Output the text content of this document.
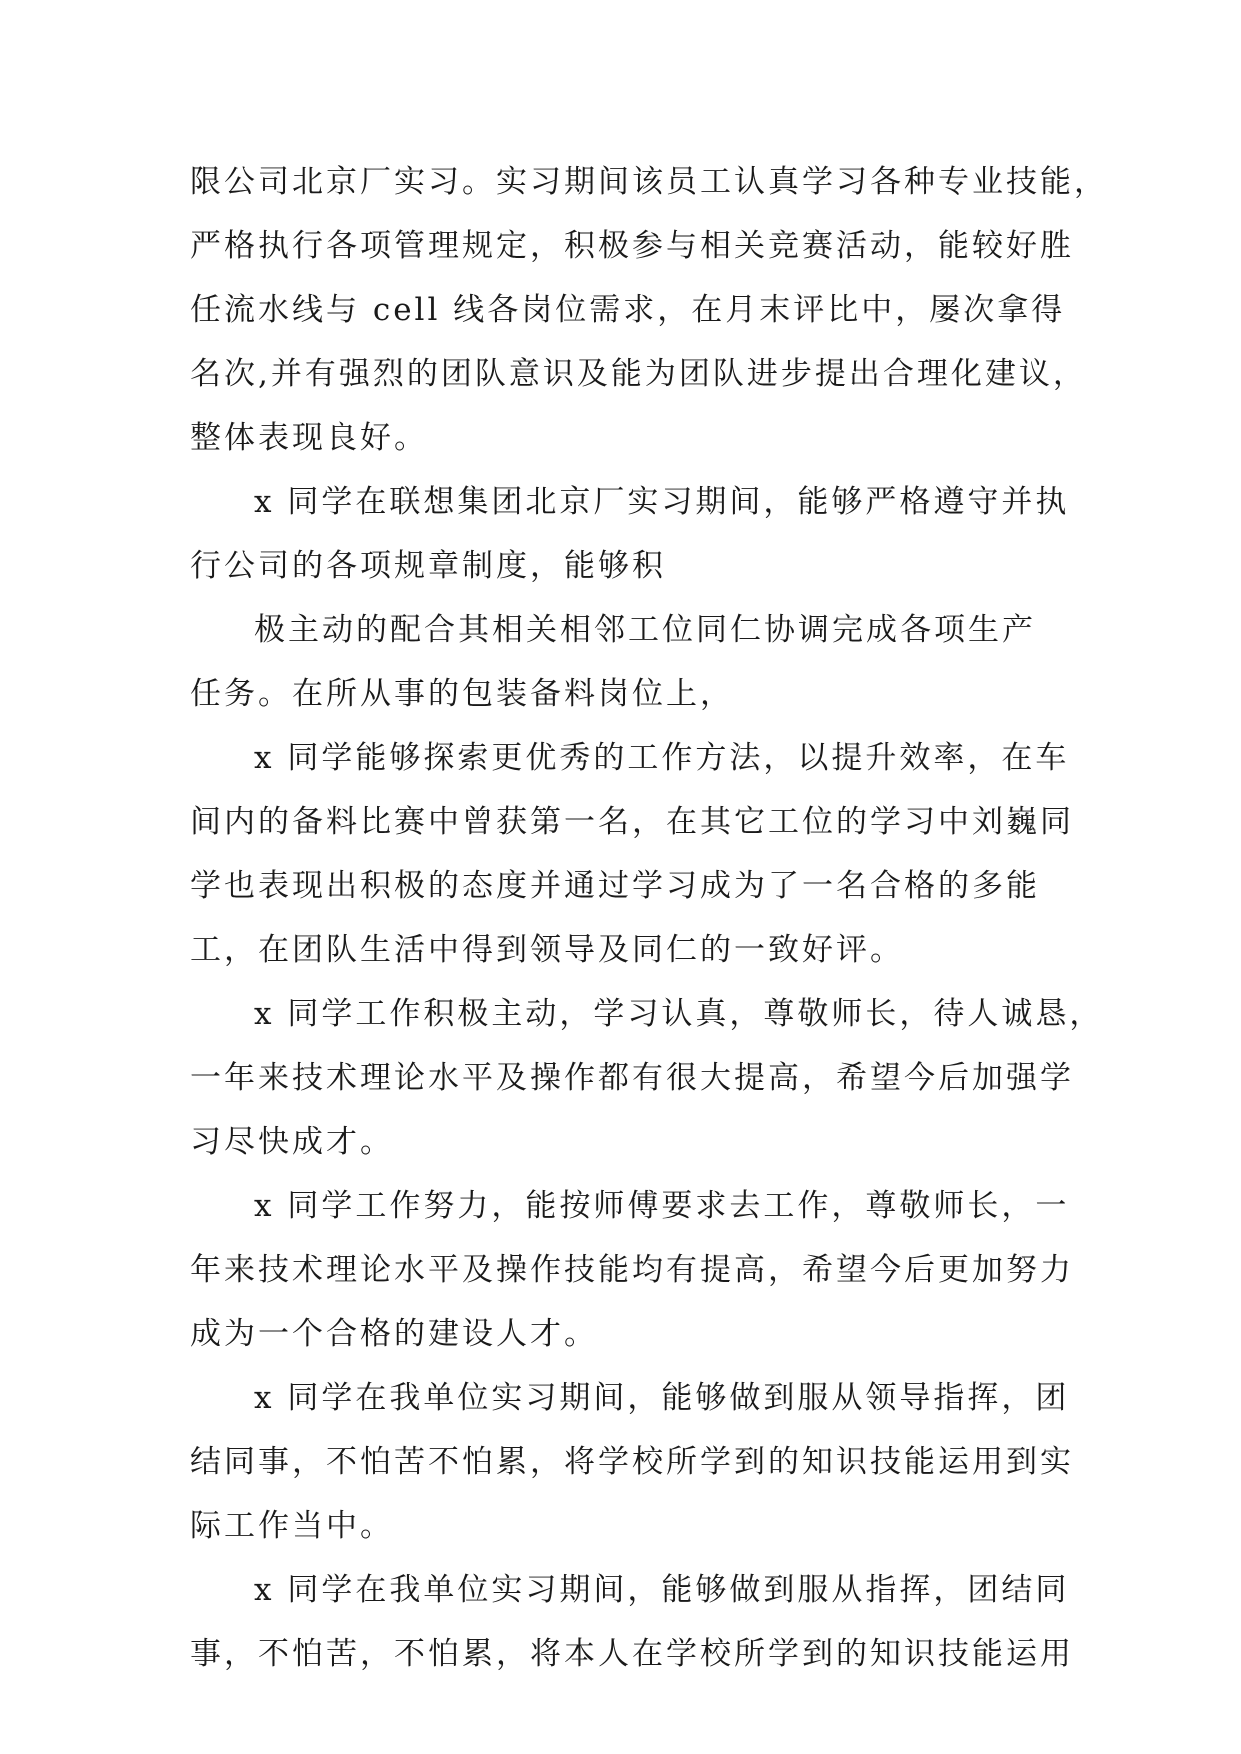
限公司北京厂实习。实习期间该员工认真学习各种专业技能，
严格执行各项管理规定，积极参与相关竞赛活动，能较好胜
任流水线与 cell 线各岗位需求，在月末评比中，屡次拿得
名次,并有强烈的团队意识及能为团队进步提出合理化建议，
整体表现良好。
x 同学在联想集团北京厂实习期间，能够严格遵守并执
行公司的各项规章制度，能够积
极主动的配合其相关相邻工位同仁协调完成各项生产
任务。在所从事的包装备料岗位上，
x 同学能够探索更优秀的工作方法，以提升效率，在车
间内的备料比赛中曾获第一名，在其它工位的学习中刘巍同
学也表现出积极的态度并通过学习成为了一名合格的多能
工，在团队生活中得到领导及同仁的一致好评。
x 同学工作积极主动，学习认真，尊敬师长，待人诚恳，
一年来技术理论水平及操作都有很大提高，希望今后加强学
习尽快成才。
x 同学工作努力，能按师傅要求去工作，尊敬师长，一
年来技术理论水平及操作技能均有提高，希望今后更加努力
成为一个合格的建设人才。
x 同学在我单位实习期间，能够做到服从领导指挥，团
结同事，不怕苦不怕累，将学校所学到的知识技能运用到实
际工作当中。
x 同学在我单位实习期间，能够做到服从指挥，团结同
事，不怕苦，不怕累，将本人在学校所学到的知识技能运用
